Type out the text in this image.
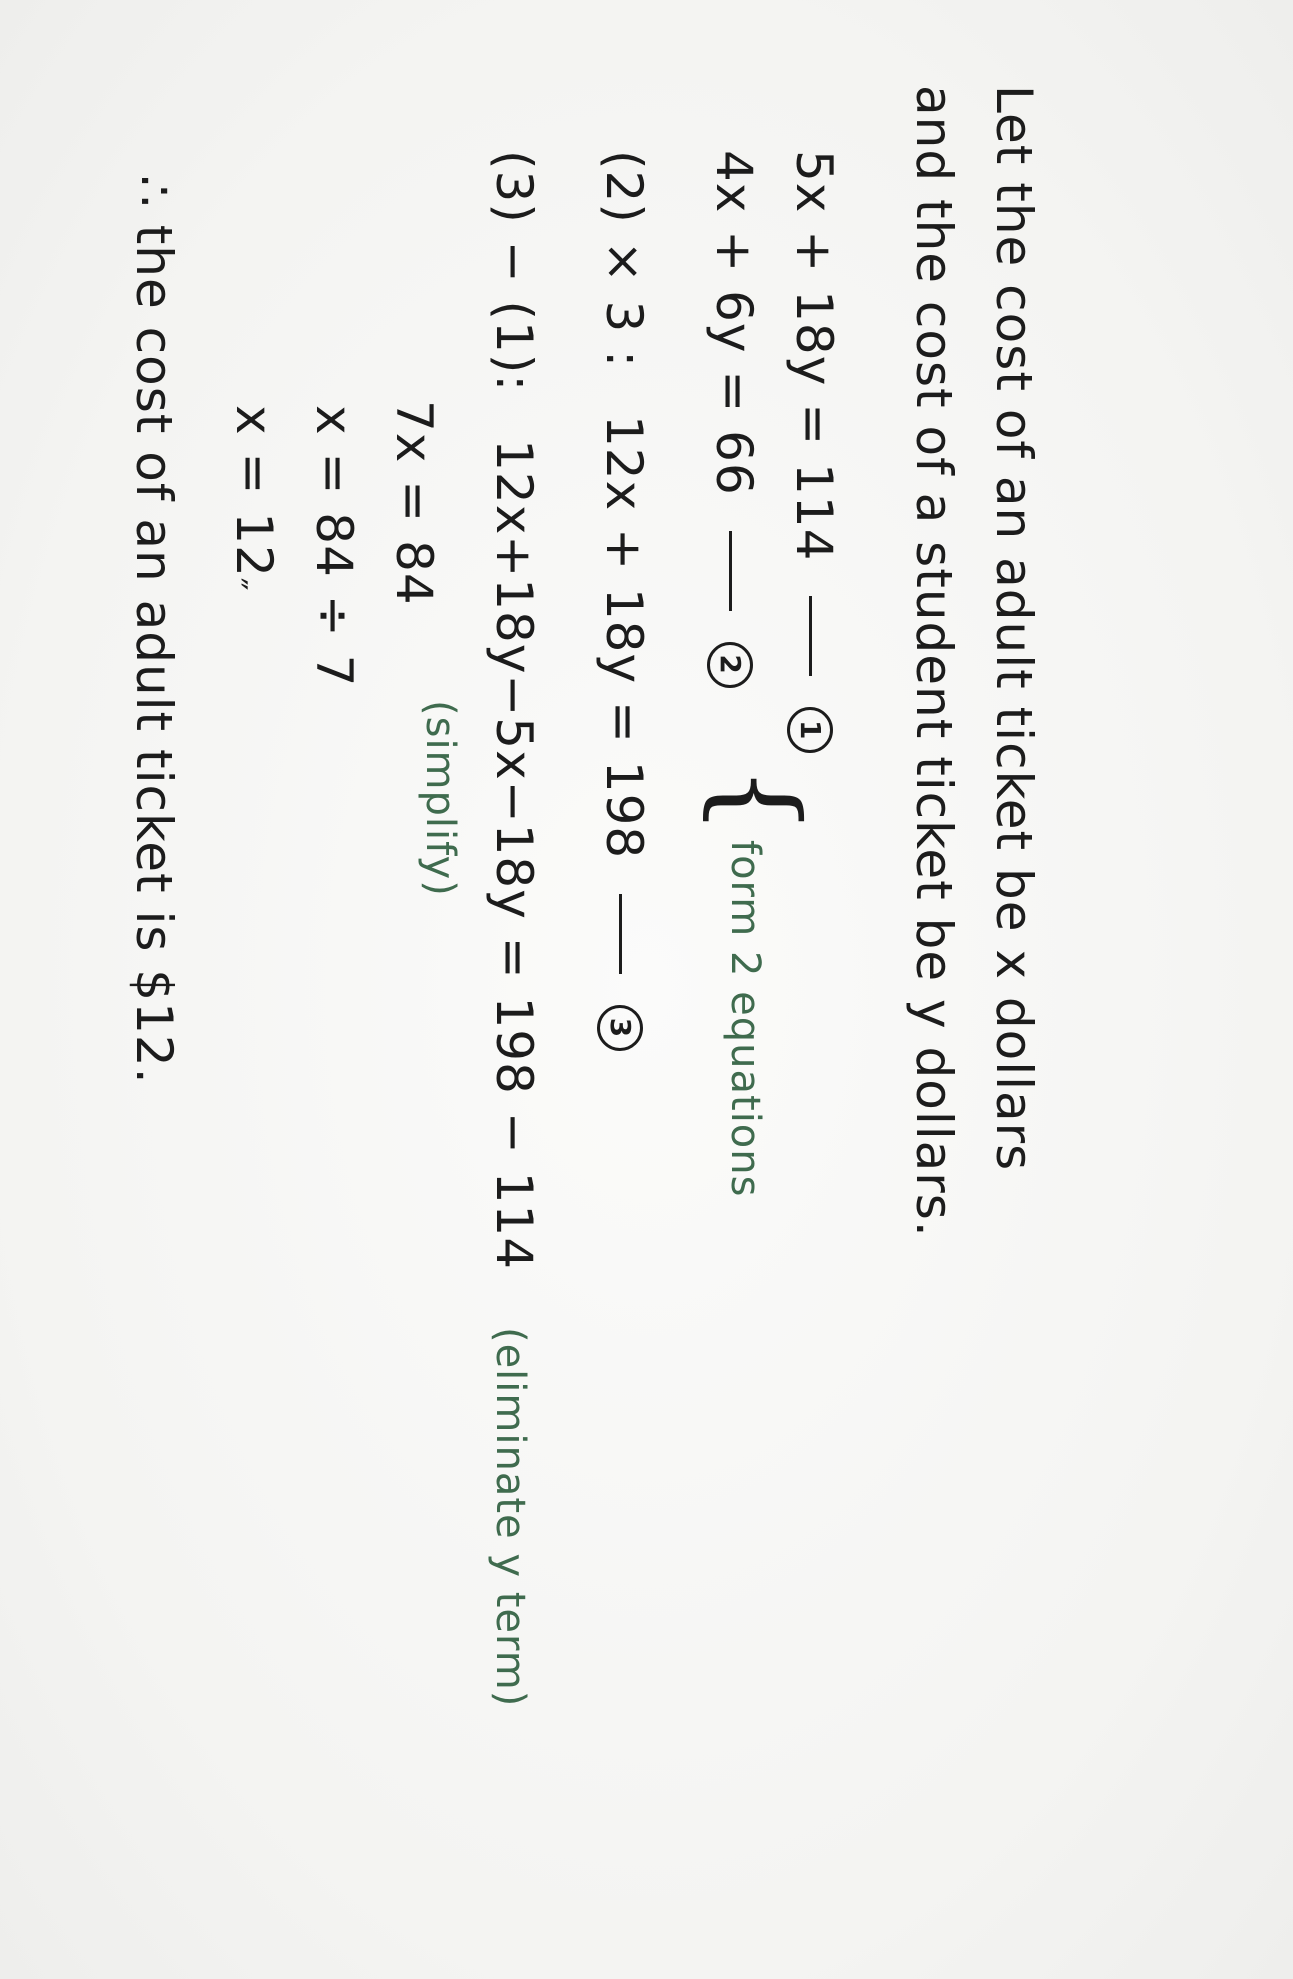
Let the cost of an adult ticket be x dollars
and the cost of a student ticket be y dollars.
5x + 18y = 114  1
4x + 6y = 66  2
{
form 2 equations
(2) × 3 : 12x + 18y = 198  3
(3) − (1): 12x+18y−5x−18y = 198 − 114 (eliminate y term)
7x = 84
(simplify)
x = 84 ÷ 7
$x = 12''$
∴ the cost of an adult ticket is $12.
